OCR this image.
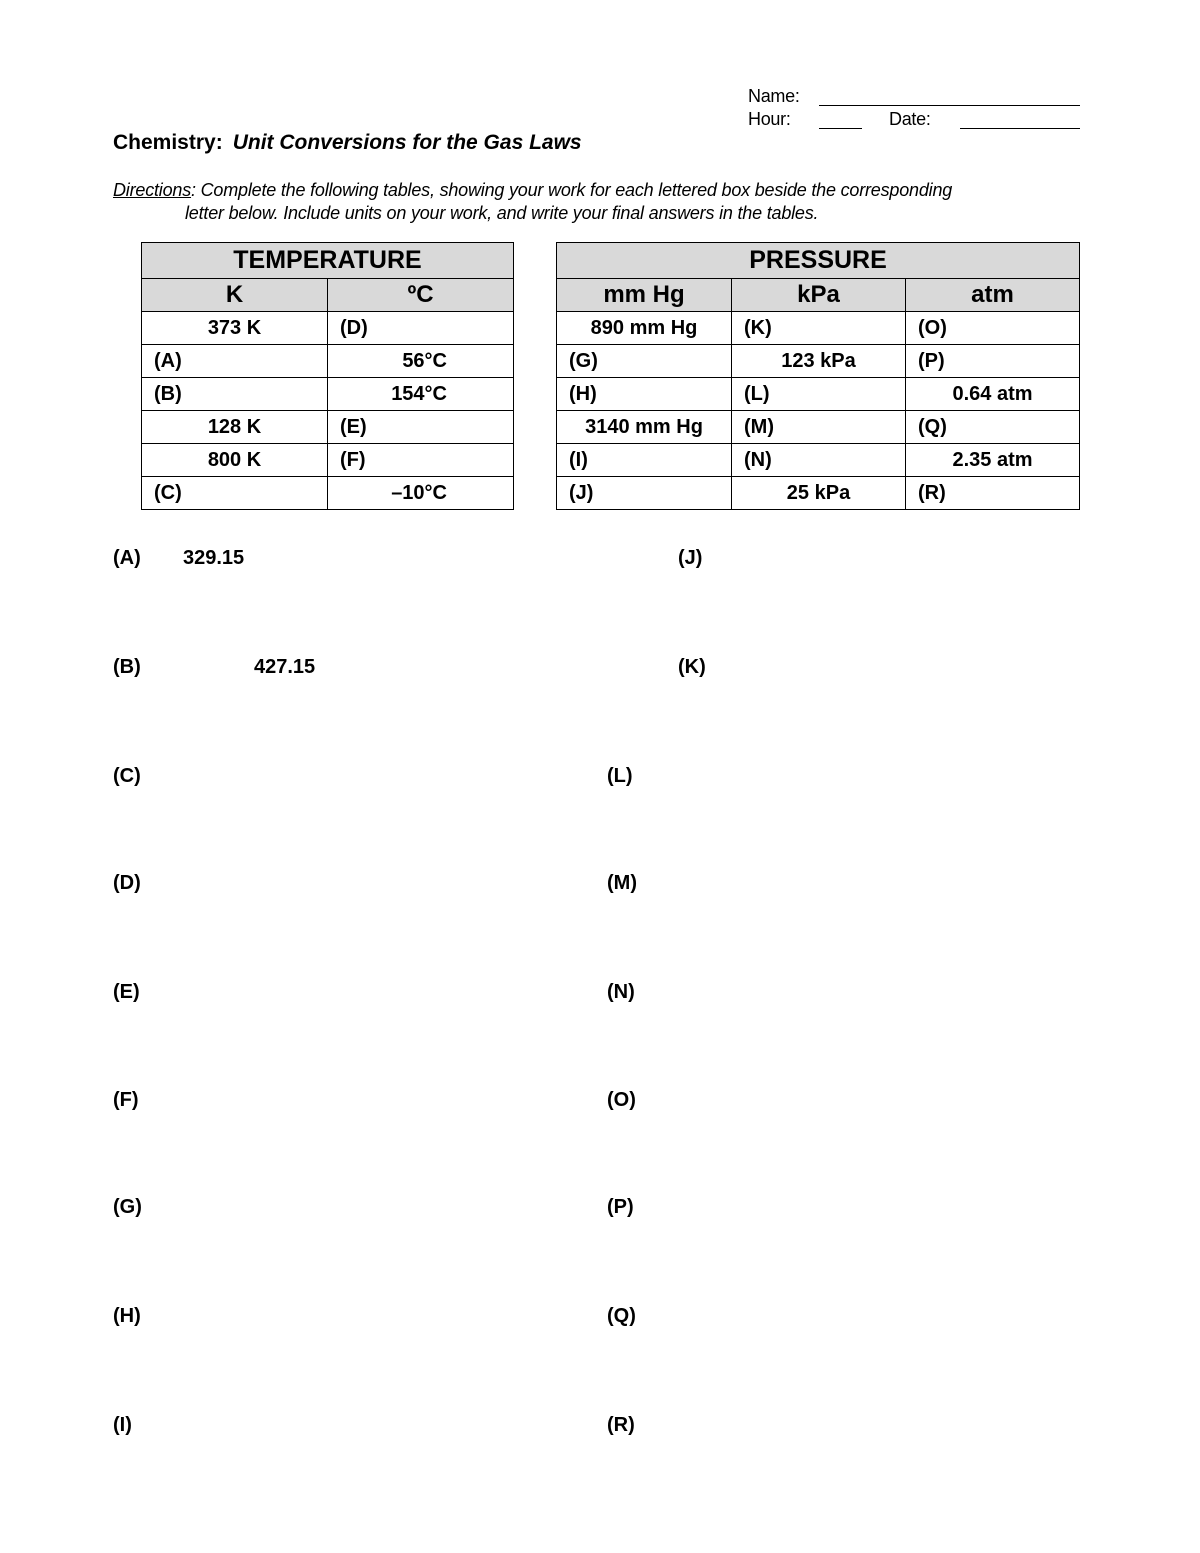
Name:
Hour:	Date:
Chemistry: Unit Conversions for the Gas Laws
Directions: Complete the following tables, showing your work for each lettered box beside the corresponding
letter below. Include units on your work, and write your final answers in the tables.
TEMPERATURE	
K	ºC
373 K	(D)
(A)	56°C
(B)	154°C
128 K	(E)
800 K	(F)
(C)	–10°C
PRESSURE		
mm Hg	kPa	atm
890 mm Hg	(K)	(O)
(G)	123 kPa	(P)
(H)	(L)	0.64 atm
3140 mm Hg	(M)	(Q)
(I)	(N)	2.35 atm
(J)	25 kPa	(R)
(A) 329.15
(B)	427.15
(C)
(D)
(E)
(F)
(G)
(H)
(I)
(J)
(K)
(L)
(M)
(N)
(O)
(P)
(Q)
(R)
